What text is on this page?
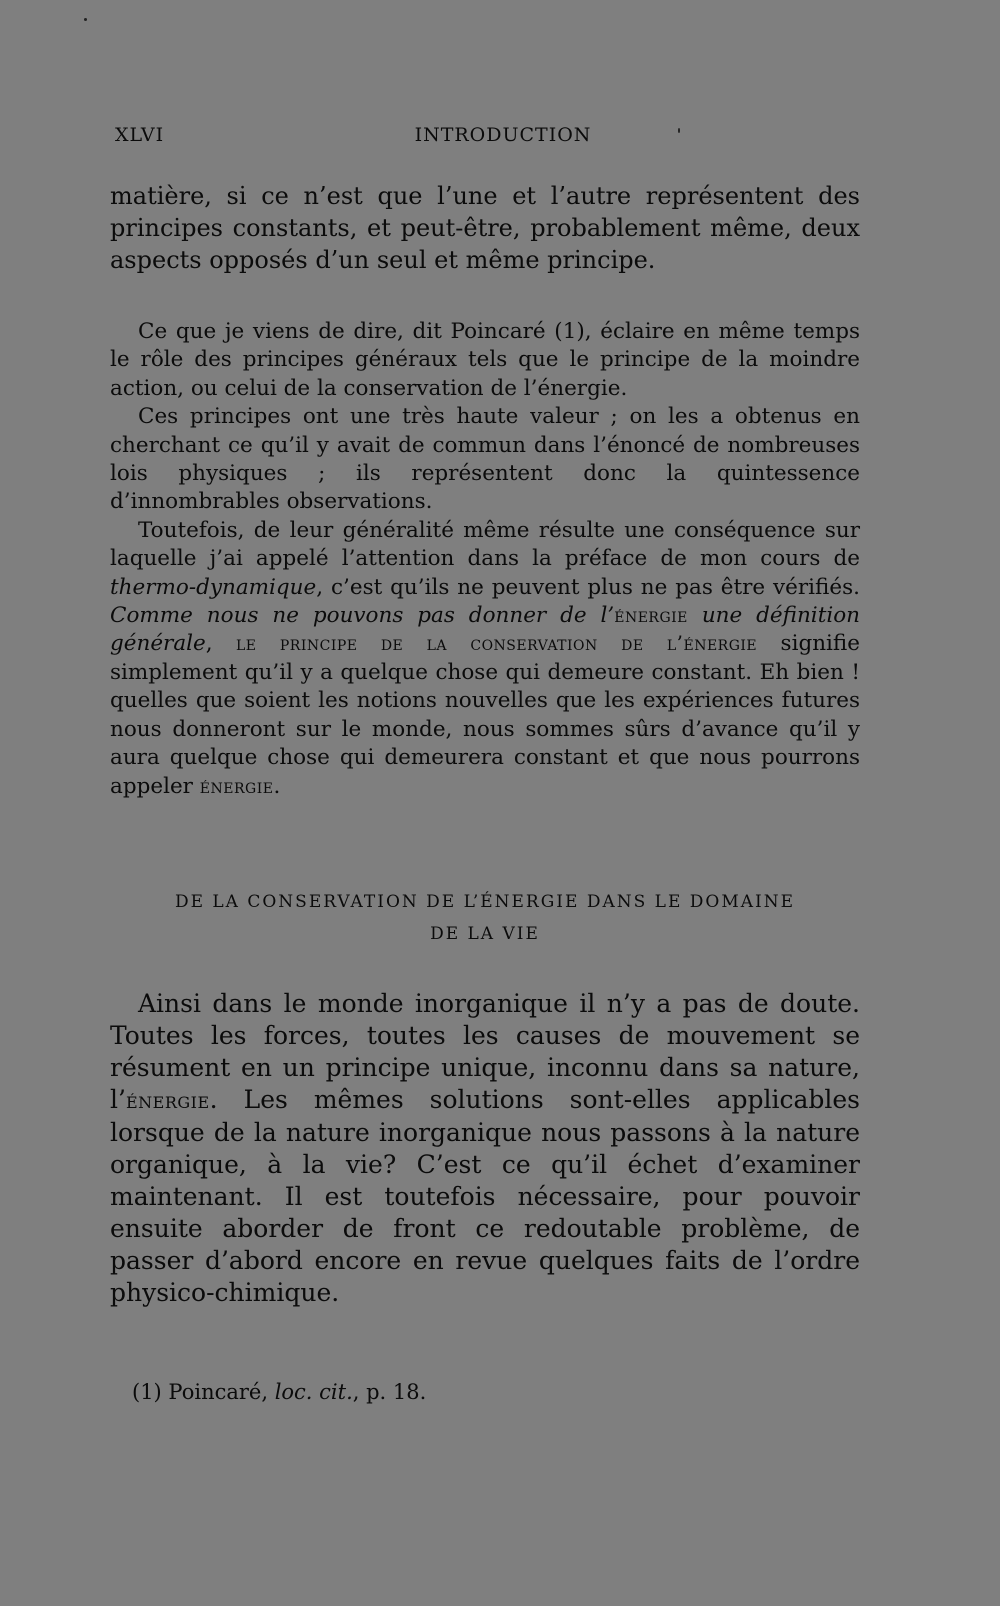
XLVI	INTRODUCTION

matière, si ce n’est que l’une et l’autre représentent des principes constants, et peut-être, probablement même, deux aspects opposés d’un seul et même principe.

Ce que je viens de dire, dit Poincaré (1), éclaire en même temps le rôle des principes généraux tels que le principe de la moindre action, ou celui de la conservation de l’énergie.

Ces principes ont une très haute valeur ; on les a obtenus en cherchant ce qu’il y avait de commun dans l’énoncé de nombreuses lois physiques ; ils représentent donc la quintessence d’innombrables observations.

Toutefois, de leur généralité même résulte une conséquence sur laquelle j’ai appelé l’attention dans la préface de mon cours de thermo-dynamique, c’est qu’ils ne peuvent plus ne pas être vérifiés. Comme nous ne pouvons pas donner de l’énergie une définition générale, le principe de la conservation de l’énergie signifie simplement qu’il y a quelque chose qui demeure constant. Eh bien ! quelles que soient les notions nouvelles que les expériences futures nous donneront sur le monde, nous sommes sûrs d’avance qu’il y aura quelque chose qui demeurera constant et que nous pourrons appeler énergie.

DE LA CONSERVATION DE L’ÉNERGIE DANS LE DOMAINE
DE LA VIE

Ainsi dans le monde inorganique il n’y a pas de doute. Toutes les forces, toutes les causes de mouvement se résument en un principe unique, inconnu dans sa nature, l’énergie. Les mêmes solutions sont-elles applicables lorsque de la nature inorganique nous passons à la nature organique, à la vie? C’est ce qu’il échet d’examiner maintenant. Il est toutefois nécessaire, pour pouvoir ensuite aborder de front ce redoutable problème, de passer d’abord encore en revue quelques faits de l’ordre physico-chimique.

(1) Poincaré, loc. cit., p. 18.
